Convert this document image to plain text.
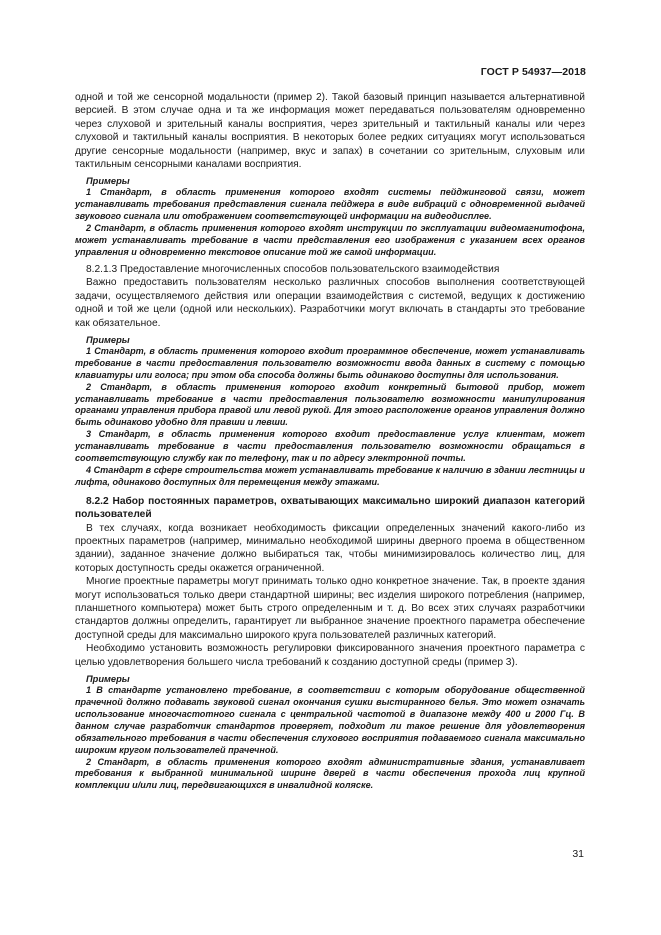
ГОСТ Р 54937—2018

одной и той же сенсорной модальности (пример 2). Такой базовый принцип называется альтернативной версией. В этом случае одна и та же информация может передаваться пользователям одновременно через слуховой и зрительный каналы восприятия, через зрительный и тактильный каналы или через слуховой и тактильный каналы восприятия. В некоторых более редких ситуациях могут использоваться другие сенсорные модальности (например, вкус и запах) в сочетании со зрительным, слуховым или тактильным сенсорными каналами восприятия.

Примеры

1 Стандарт, в область применения которого входят системы пейджинговой связи, может устанавливать требования представления сигнала пейджера в виде вибраций с одновременной выдачей звукового сигнала или отображением соответствующей информации на видеодисплее.

2 Стандарт, в область применения которого входят инструкции по эксплуатации видеомагнитофона, может устанавливать требование в части представления его изображения с указанием всех органов управления и одновременно текстовое описание той же самой информации.

8.2.1.3 Предоставление многочисленных способов пользовательского взаимодействия

Важно предоставить пользователям несколько различных способов выполнения соответствующей задачи, осуществляемого действия или операции взаимодействия с системой, ведущих к достижению одной и той же цели (одной или нескольких). Разработчики могут включать в стандарты это требование как обязательное.

Примеры

1 Стандарт, в область применения которого входит программное обеспечение, может устанавливать требование в части предоставления пользователю возможности ввода данных в систему с помощью клавиатуры или голоса; при этом оба способа должны быть одинаково доступны для использования.

2 Стандарт, в область применения которого входит конкретный бытовой прибор, может устанавливать требование в части предоставления пользователю возможности манипулирования органами управления прибора правой или левой рукой. Для этого расположение органов управления должно быть одинаково удобно для правши и левши.

3 Стандарт, в область применения которого входит предоставление услуг клиентам, может устанавливать требование в части предоставления пользователю возможности обращаться в соответствующую службу как по телефону, так и по адресу электронной почты.

4 Стандарт в сфере строительства может устанавливать требование к наличию в здании лестницы и лифта, одинаково доступных для перемещения между этажами.

8.2.2 Набор постоянных параметров, охватывающих максимально широкий диапазон категорий пользователей

В тех случаях, когда возникает необходимость фиксации определенных значений какого-либо из проектных параметров (например, минимально необходимой ширины дверного проема в общественном здании), заданное значение должно выбираться так, чтобы минимизировалось количество лиц, для которых доступность среды окажется ограниченной.

Многие проектные параметры могут принимать только одно конкретное значение. Так, в проекте здания могут использоваться только двери стандартной ширины; вес изделия широкого потребления (например, планшетного компьютера) может быть строго определенным и т. д. Во всех этих случаях разработчики стандартов должны определить, гарантирует ли выбранное значение проектного параметра обеспечение доступной среды для максимально широкого круга пользователей различных категорий.

Необходимо установить возможность регулировки фиксированного значения проектного параметра с целью удовлетворения большего числа требований к созданию доступной среды (пример 3).

Примеры

1 В стандарте установлено требование, в соответствии с которым оборудование общественной прачечной должно подавать звуковой сигнал окончания сушки выстиранного белья. Это может означать использование многочастотного сигнала с центральной частотой в диапазоне между 400 и 2000 Гц. В данном случае разработчик стандартов проверяет, подходит ли такое решение для удовлетворения обязательного требования в части обеспечения слухового восприятия подаваемого сигнала максимально широким кругом пользователей прачечной.

2 Стандарт, в область применения которого входят административные здания, устанавливает требования к выбранной минимальной ширине дверей в части обеспечения прохода лиц крупной комплекции и/или лиц, передвигающихся в инвалидной коляске.

31
